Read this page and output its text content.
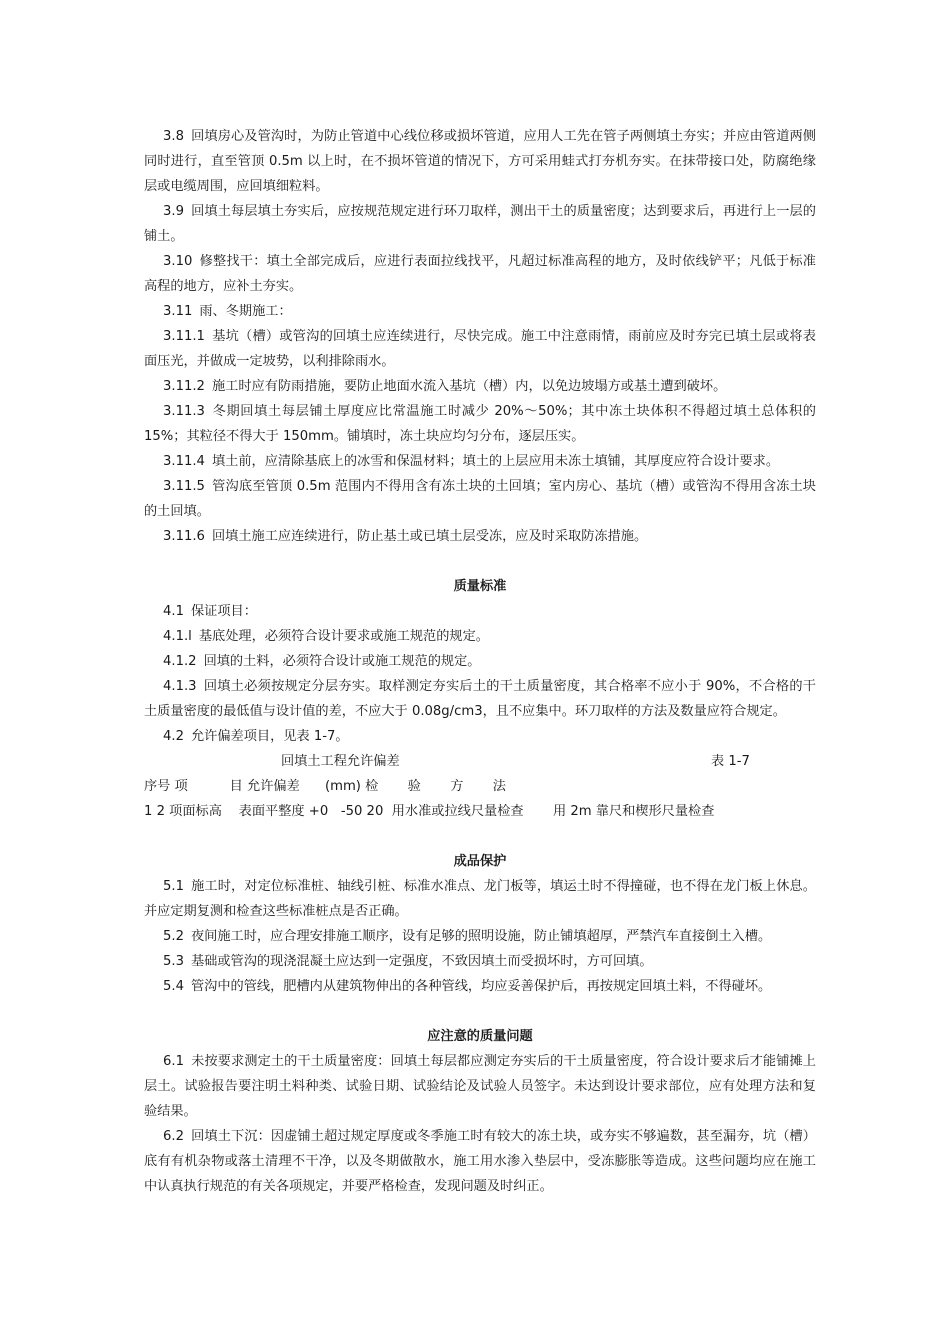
3.8 回填房心及管沟时，为防止管道中心线位移或损坏管道，应用人工先在管子两侧填土夯实；并应由管道两侧同时进行，直至管顶 0.5m 以上时，在不损坏管道的情况下，方可采用蛙式打夯机夯实。在抹带接口处，防腐绝缘层或电缆周围，应回填细粒料。

3.9 回填土每层填土夯实后，应按规范规定进行环刀取样，测出干土的质量密度；达到要求后，再进行上一层的铺土。

3.10 修整找干：填土全部完成后，应进行表面拉线找平，凡超过标准高程的地方，及时依线铲平；凡低于标准高程的地方，应补土夯实。

3.11 雨、冬期施工：

3.11.1 基坑（槽）或管沟的回填土应连续进行，尽快完成。施工中注意雨情，雨前应及时夯完已填土层或将表面压光，并做成一定坡势，以利排除雨水。

3.11.2 施工时应有防雨措施，要防止地面水流入基坑（槽）内，以免边坡塌方或基土遭到破坏。

3.11.3 冬期回填土每层铺土厚度应比常温施工时减少 20%～50%；其中冻土块体积不得超过填土总体积的 15%；其粒径不得大于 150mm。铺填时，冻土块应均匀分布，逐层压实。

3.11.4 填土前，应清除基底上的冰雪和保温材料；填土的上层应用未冻土填铺，其厚度应符合设计要求。

3.11.5 管沟底至管顶 0.5m 范围内不得用含有冻土块的土回填；室内房心、基坑（槽）或管沟不得用含冻土块的土回填。

3.11.6 回填土施工应连续进行，防止基土或已填土层受冻，应及时采取防冻措施。

质量标准

4.1 保证项目：

4.1.l 基底处理，必须符合设计要求或施工规范的规定。

4.1.2 回填的土料，必须符合设计或施工规范的规定。

4.1.3 回填土必须按规定分层夯实。取样测定夯实后土的干土质量密度，其合格率不应小于 90%，不合格的干土质量密度的最低值与设计值的差，不应大于 0.08g/cm3，且不应集中。环刀取样的方法及数量应符合规定。

4.2 允许偏差项目，见表 1-7。

回填土工程允许偏差	表 1-7

序号 项          目 允许偏差      (mm) 检       验       方       法

1 2 项面标高    表面平整度 +0   -50 20  用水准或拉线尺量检查       用 2m 靠尺和楔形尺量检查

成品保护

5.1 施工时，对定位标准桩、轴线引桩、标准水准点、龙门板等，填运土时不得撞碰，也不得在龙门板上休息。并应定期复测和检查这些标准桩点是否正确。

5.2 夜间施工时，应合理安排施工顺序，设有足够的照明设施，防止铺填超厚，严禁汽车直接倒土入槽。

5.3 基础或管沟的现浇混凝土应达到一定强度，不致因填土而受损坏时，方可回填。

5.4 管沟中的管线，肥槽内从建筑物伸出的各种管线，均应妥善保护后，再按规定回填土料，不得碰坏。

应注意的质量问题

6.1 未按要求测定土的干土质量密度：回填土每层都应测定夯实后的干土质量密度，符合设计要求后才能铺摊上层土。试验报告要注明土料种类、试验日期、试验结论及试验人员签字。未达到设计要求部位，应有处理方法和复验结果。

6.2 回填土下沉：因虚铺土超过规定厚度或冬季施工时有较大的冻土块，或夯实不够遍数，甚至漏夯，坑（槽）底有有机杂物或落土清理不干净，以及冬期做散水，施工用水渗入垫层中，受冻膨胀等造成。这些问题均应在施工中认真执行规范的有关各项规定，并要严格检查，发现问题及时纠正。
